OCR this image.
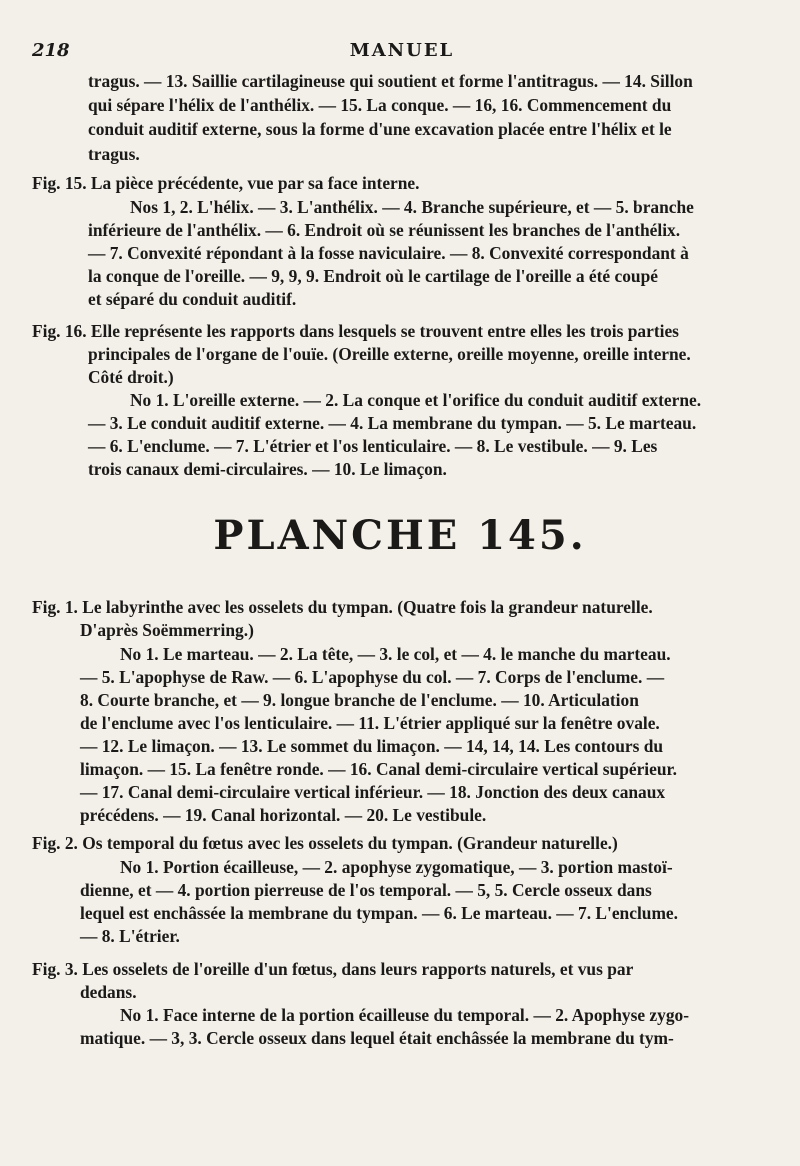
218	MANUEL
tragus. — 13. Saillie cartilagineuse qui soutient et forme l'antitragus. — 14. Sillon
qui sépare l'hélix de l'anthélix. — 15. La conque. — 16, 16. Commencement du
conduit auditif externe, sous la forme d'une excavation placée entre l'hélix et le
tragus.
Fig. 15. La pièce précédente, vue par sa face interne.
Nos 1, 2. L'hélix. — 3. L'anthélix. — 4. Branche supérieure, et — 5. branche
inférieure de l'anthélix. — 6. Endroit où se réunissent les branches de l'anthélix.
— 7. Convexité répondant à la fosse naviculaire. — 8. Convexité correspondant à
la conque de l'oreille. — 9, 9, 9. Endroit où le cartilage de l'oreille a été coupé
et séparé du conduit auditif.
Fig. 16. Elle représente les rapports dans lesquels se trouvent entre elles les trois parties
principales de l'organe de l'ouïe. (Oreille externe, oreille moyenne, oreille interne.
Côté droit.)
No 1. L'oreille externe. — 2. La conque et l'orifice du conduit auditif externe.
— 3. Le conduit auditif externe. — 4. La membrane du tympan. — 5. Le marteau.
— 6. L'enclume. — 7. L'étrier et l'os lenticulaire. — 8. Le vestibule. — 9. Les
trois canaux demi-circulaires. — 10. Le limaçon.
PLANCHE 145.
Fig. 1. Le labyrinthe avec les osselets du tympan. (Quatre fois la grandeur naturelle.
D'après Soëmmerring.)
No 1. Le marteau. — 2. La tête, — 3. le col, et — 4. le manche du marteau.
— 5. L'apophyse de Raw. — 6. L'apophyse du col. — 7. Corps de l'enclume. —
8. Courte branche, et — 9. longue branche de l'enclume. — 10. Articulation
de l'enclume avec l'os lenticulaire. — 11. L'étrier appliqué sur la fenêtre ovale.
— 12. Le limaçon. — 13. Le sommet du limaçon. — 14, 14, 14. Les contours du
limaçon. — 15. La fenêtre ronde. — 16. Canal demi-circulaire vertical supérieur.
— 17. Canal demi-circulaire vertical inférieur. — 18. Jonction des deux canaux
précédens. — 19. Canal horizontal. — 20. Le vestibule.
Fig. 2. Os temporal du fœtus avec les osselets du tympan. (Grandeur naturelle.)
No 1. Portion écailleuse, — 2. apophyse zygomatique, — 3. portion mastoï-
dienne, et — 4. portion pierreuse de l'os temporal. — 5, 5. Cercle osseux dans
lequel est enchâssée la membrane du tympan. — 6. Le marteau. — 7. L'enclume.
— 8. L'étrier.
Fig. 3. Les osselets de l'oreille d'un fœtus, dans leurs rapports naturels, et vus par
dedans.
No 1. Face interne de la portion écailleuse du temporal. — 2. Apophyse zygo-
matique. — 3, 3. Cercle osseux dans lequel était enchâssée la membrane du tym-
